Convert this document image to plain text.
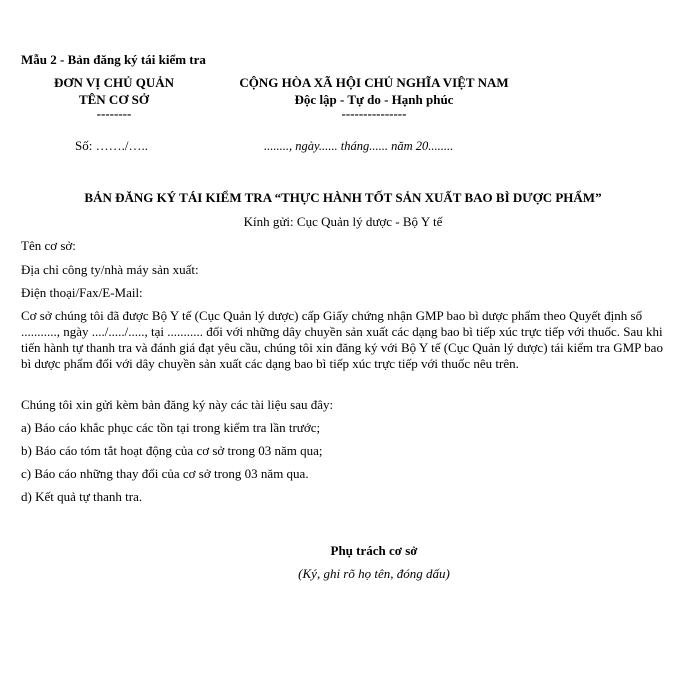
Mẫu 2 - Bản đăng ký tái kiểm tra
ĐƠN VỊ CHỦ QUẢN
TÊN CƠ SỞ
--------
CỘNG HÒA XÃ HỘI CHỦ NGHĨA VIỆT NAM
Độc lập - Tự do - Hạnh phúc
---------------
Số: ……./…..	........, ngày...... tháng...... năm 20........
BẢN ĐĂNG KÝ TÁI KIỂM TRA “THỰC HÀNH TỐT SẢN XUẤT BAO BÌ DƯỢC PHẨM”
Kính gửi: Cục Quản lý dược - Bộ Y tế
Tên cơ sở:
Địa chỉ công ty/nhà máy sản xuất:
Điện thoại/Fax/E-Mail:
Cơ sở chúng tôi đã được Bộ Y tế (Cục Quản lý dược) cấp Giấy chứng nhận GMP bao bì dược phẩm theo Quyết định số ..........., ngày ..../...../....., tại ........... đối với những dây chuyền sản xuất các dạng bao bì tiếp xúc trực tiếp với thuốc. Sau khi tiến hành tự thanh tra và đánh giá đạt yêu cầu, chúng tôi xin đăng ký với Bộ Y tế (Cục Quản lý dược) tái kiểm tra GMP bao bì dược phẩm đối với dây chuyền sản xuất các dạng bao bì tiếp xúc trực tiếp với thuốc nêu trên.
Chúng tôi xin gửi kèm bản đăng ký này các tài liệu sau đây:
a) Báo cáo khắc phục các tồn tại trong kiểm tra lần trước;
b) Báo cáo tóm tắt hoạt động của cơ sở trong 03 năm qua;
c) Báo cáo những thay đổi của cơ sở trong 03 năm qua.
d) Kết quả tự thanh tra.
Phụ trách cơ sở
(Ký, ghi rõ họ tên, đóng dấu)
